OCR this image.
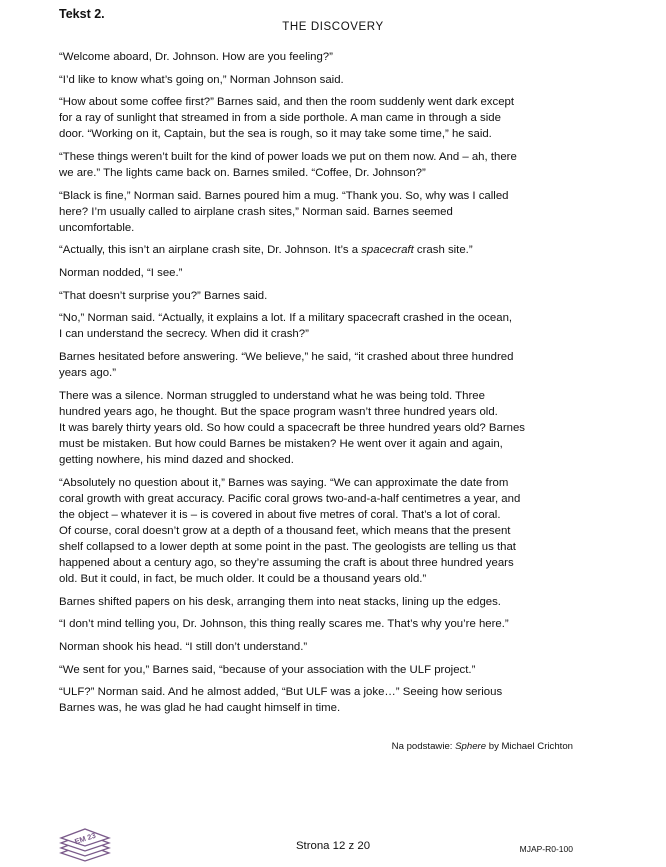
Tekst 2.

THE DISCOVERY

“Welcome aboard, Dr. Johnson. How are you feeling?”

“I’d like to know what’s going on,” Norman Johnson said.

“How about some coffee first?” Barnes said, and then the room suddenly went dark except
for a ray of sunlight that streamed in from a side porthole. A man came in through a side
door. “Working on it, Captain, but the sea is rough, so it may take some time,” he said.

“These things weren’t built for the kind of power loads we put on them now. And – ah, there
we are.” The lights came back on. Barnes smiled. “Coffee, Dr. Johnson?”

“Black is fine,” Norman said. Barnes poured him a mug. “Thank you. So, why was I called
here? I’m usually called to airplane crash sites,” Norman said. Barnes seemed
uncomfortable.

“Actually, this isn’t an airplane crash site, Dr. Johnson. It’s a spacecraft crash site.”

Norman nodded, “I see.”

“That doesn’t surprise you?” Barnes said.

“No,” Norman said. “Actually, it explains a lot. If a military spacecraft crashed in the ocean,
I can understand the secrecy. When did it crash?”

Barnes hesitated before answering. “We believe,” he said, “it crashed about three hundred
years ago.”

There was a silence. Norman struggled to understand what he was being told. Three
hundred years ago, he thought. But the space program wasn’t three hundred years old.
It was barely thirty years old. So how could a spacecraft be three hundred years old? Barnes
must be mistaken. But how could Barnes be mistaken? He went over it again and again,
getting nowhere, his mind dazed and shocked.

“Absolutely no question about it,” Barnes was saying. “We can approximate the date from
coral growth with great accuracy. Pacific coral grows two-and-a-half centimetres a year, and
the object – whatever it is – is covered in about five metres of coral. That’s a lot of coral.
Of course, coral doesn’t grow at a depth of a thousand feet, which means that the present
shelf collapsed to a lower depth at some point in the past. The geologists are telling us that
happened about a century ago, so they’re assuming the craft is about three hundred years
old. But it could, in fact, be much older. It could be a thousand years old.”

Barnes shifted papers on his desk, arranging them into neat stacks, lining up the edges.

“I don’t mind telling you, Dr. Johnson, this thing really scares me. That’s why you’re here.”

Norman shook his head. “I still don’t understand.”

“We sent for you,” Barnes said, “because of your association with the ULF project.”

“ULF?” Norman said. And he almost added, “But ULF was a joke…” Seeing how serious
Barnes was, he was glad he had caught himself in time.

Na podstawie: Sphere by Michael Crichton

EM 23	Strona 12 z 20	MJAP-R0-100
